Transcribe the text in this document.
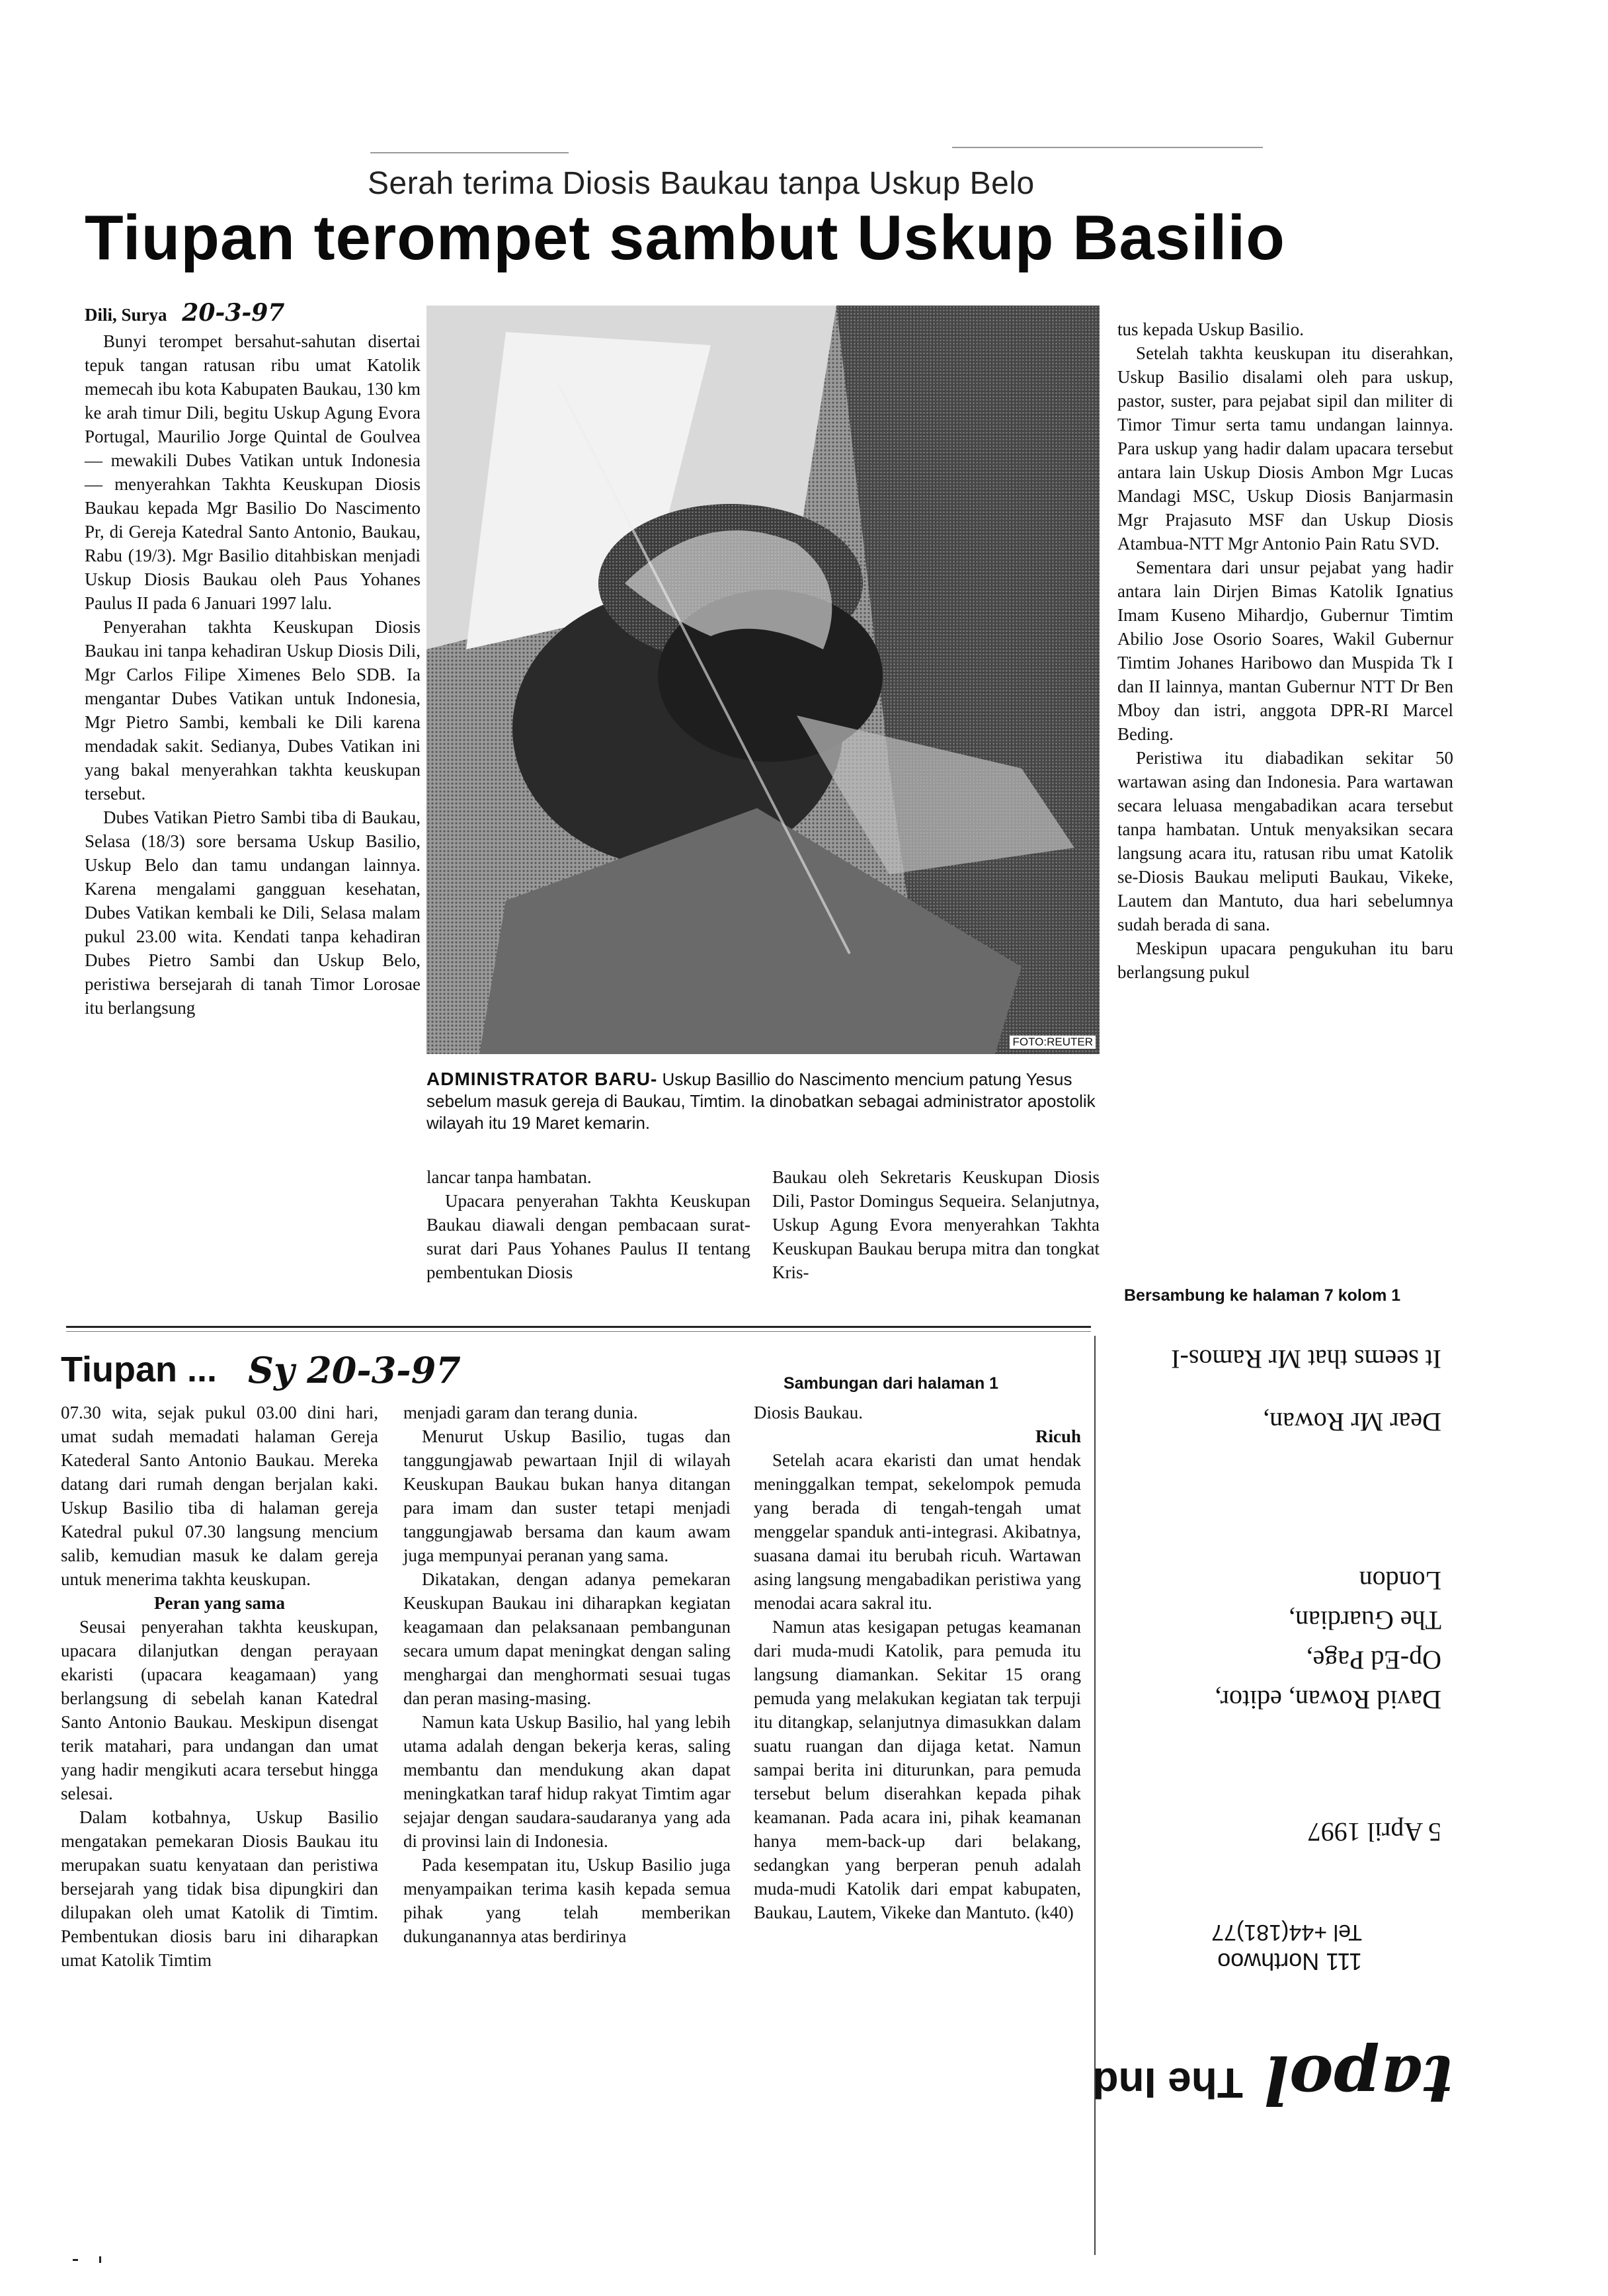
Serah terima Diosis Baukau tanpa Uskup Belo
Tiupan terompet sambut Uskup Basilio
Dili, Surya 20-3-97

Bunyi terompet bersahut-sahutan disertai tepuk tangan ratusan ribu umat Katolik memecah ibu kota Kabupaten Baukau, 130 km ke arah timur Dili, begitu Uskup Agung Evora Portugal, Maurilio Jorge Quintal de Goulvea — mewakili Dubes Vatikan untuk Indonesia — menyerahkan Takhta Keuskupan Diosis Baukau kepada Mgr Basilio Do Nascimento Pr, di Gereja Katedral Santo Antonio, Baukau, Rabu (19/3). Mgr Basilio ditahbiskan menjadi Uskup Diosis Baukau oleh Paus Yohanes Paulus II pada 6 Januari 1997 lalu.

Penyerahan takhta Keuskupan Diosis Baukau ini tanpa kehadiran Uskup Diosis Dili, Mgr Carlos Filipe Ximenes Belo SDB. Ia mengantar Dubes Vatikan untuk Indonesia, Mgr Pietro Sambi, kembali ke Dili karena mendadak sakit. Sedianya, Dubes Vatikan ini yang bakal menyerahkan takhta keuskupan tersebut.

Dubes Vatikan Pietro Sambi tiba di Baukau, Selasa (18/3) sore bersama Uskup Basilio, Uskup Belo dan tamu undangan lainnya. Karena mengalami gangguan kesehatan, Dubes Vatikan kembali ke Dili, Selasa malam pukul 23.00 wita. Kendati tanpa kehadiran Dubes Pietro Sambi dan Uskup Belo, peristiwa bersejarah di tanah Timor Lorosae itu berlangsung

FOTO:REUTER
ADMINISTRATOR BARU- Uskup Basillio do Nascimento mencium patung Yesus sebelum masuk gereja di Baukau, Timtim. Ia dinobatkan sebagai administrator apostolik wilayah itu 19 Maret kemarin.

lancar tanpa hambatan.

Upacara penyerahan Takhta Keuskupan Baukau diawali dengan pembacaan surat-surat dari Paus Yohanes Paulus II tentang pembentukan Diosis

Baukau oleh Sekretaris Keuskupan Diosis Dili, Pastor Domingus Sequeira. Selanjutnya, Uskup Agung Evora menyerahkan Takhta Keuskupan Baukau berupa mitra dan tongkat Kris-

tus kepada Uskup Basilio.

Setelah takhta keuskupan itu diserahkan, Uskup Basilio disalami oleh para uskup, pastor, suster, para pejabat sipil dan militer di Timor Timur serta tamu undangan lainnya. Para uskup yang hadir dalam upacara tersebut antara lain Uskup Diosis Ambon Mgr Lucas Mandagi MSC, Uskup Diosis Banjarmasin Mgr Prajasuto MSF dan Uskup Diosis Atambua-NTT Mgr Antonio Pain Ratu SVD.

Sementara dari unsur pejabat yang hadir antara lain Dirjen Bimas Katolik Ignatius Imam Kuseno Mihardjo, Gubernur Timtim Abilio Jose Osorio Soares, Wakil Gubernur Timtim Johanes Haribowo dan Muspida Tk I dan II lainnya, mantan Gubernur NTT Dr Ben Mboy dan istri, anggota DPR-RI Marcel Beding.

Peristiwa itu diabadikan sekitar 50 wartawan asing dan Indonesia. Para wartawan secara leluasa mengabadikan acara tersebut tanpa hambatan. Untuk menyaksikan secara langsung acara itu, ratusan ribu umat Katolik se-Diosis Baukau meliputi Baukau, Vikeke, Lautem dan Mantuto, dua hari sebelumnya sudah berada di sana.

Meskipun upacara pengukuhan itu baru berlangsung pukul

Bersambung ke halaman 7 kolom 1
Tiupan ... Sy 20-3-97	Sambungan dari halaman 1

07.30 wita, sejak pukul 03.00 dini hari, umat sudah memadati halaman Gereja Katederal Santo Antonio Baukau. Mereka datang dari rumah dengan berjalan kaki. Uskup Basilio tiba di halaman gereja Katedral pukul 07.30 langsung mencium salib, kemudian masuk ke dalam gereja untuk menerima takhta keuskupan.

Peran yang sama

Seusai penyerahan takhta keuskupan, upacara dilanjutkan dengan perayaan ekaristi (upacara keagamaan) yang berlangsung di sebelah kanan Katedral Santo Antonio Baukau. Meskipun disengat terik matahari, para undangan dan umat yang hadir mengikuti acara tersebut hingga selesai.

Dalam kotbahnya, Uskup Basilio mengatakan pemekaran Diosis Baukau itu merupakan suatu kenyataan dan peristiwa bersejarah yang tidak bisa dipungkiri dan dilupakan oleh umat Katolik di Timtim. Pembentukan diosis baru ini diharapkan umat Katolik Timtim

menjadi garam dan terang dunia.

Menurut Uskup Basilio, tugas dan tanggungjawab pewartaan Injil di wilayah Keuskupan Baukau bukan hanya ditangan para imam dan suster tetapi menjadi tanggungjawab bersama dan kaum awam juga mempunyai peranan yang sama.

Dikatakan, dengan adanya pemekaran Keuskupan Baukau ini diharapkan kegiatan keagamaan dan pelaksanaan pembangunan secara umum dapat meningkat dengan saling menghargai dan menghormati sesuai tugas dan peran masing-masing.

Namun kata Uskup Basilio, hal yang lebih utama adalah dengan bekerja keras, saling membantu dan mendukung akan dapat meningkatkan taraf hidup rakyat Timtim agar sejajar dengan saudara-saudaranya yang ada di provinsi lain di Indonesia.

Pada kesempatan itu, Uskup Basilio juga menyampaikan terima kasih kepada semua pihak yang telah memberikan dukunganannya atas berdirinya

Diosis Baukau.

Ricuh

Setelah acara ekaristi dan umat hendak meninggalkan tempat, sekelompok pemuda yang berada di tengah-tengah umat menggelar spanduk anti-integrasi. Akibatnya, suasana damai itu berubah ricuh. Wartawan asing langsung mengabadikan peristiwa yang menodai acara sakral itu.

Namun atas kesigapan petugas keamanan dari muda-mudi Katolik, para pemuda itu langsung diamankan. Sekitar 15 orang pemuda yang melakukan kegiatan tak terpuji itu ditangkap, selanjutnya dimasukkan dalam suatu ruangan dan dijaga ketat. Namun sampai berita ini diturunkan, para pemuda tersebut belum diserahkan kepada pihak keamanan. Pada acara ini, pihak keamanan hanya mem-back-up dari belakang, sedangkan yang berperan penuh adalah muda-mudi Katolik dari empat kabupaten, Baukau, Lautem, Vikeke dan Mantuto. (k40)

It seems that Mr Ramos-I
Dear Mr Rowan,
London
The Guardian,
Op-Ed Page,
David Rowan, editor,
5 April 1997
Tel +44(181)77
111 Northwoo
The Ind tapol
